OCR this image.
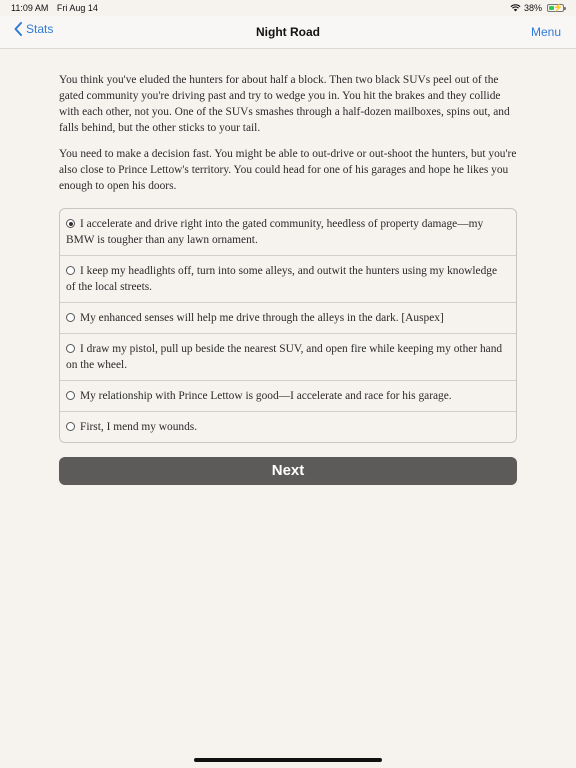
11:09 AM Fri Aug 14	38% ⚡
Stats	Night Road	Menu

You think you've eluded the hunters for about half a block. Then two black SUVs peel out of the gated community you're driving past and try to wedge you in. You hit the brakes and they collide with each other, not you. One of the SUVs smashes through a half-dozen mailboxes, spins out, and falls behind, but the other sticks to your tail.

You need to make a decision fast. You might be able to out-drive or out-shoot the hunters, but you're also close to Prince Lettow's territory. You could head for one of his garages and hope he likes you enough to open his doors.

I accelerate and drive right into the gated community, heedless of property damage—my BMW is tougher than any lawn ornament.
I keep my headlights off, turn into some alleys, and outwit the hunters using my knowledge of the local streets.
My enhanced senses will help me drive through the alleys in the dark. [Auspex]
I draw my pistol, pull up beside the nearest SUV, and open fire while keeping my other hand on the wheel.
My relationship with Prince Lettow is good—I accelerate and race for his garage.
First, I mend my wounds.
Next
